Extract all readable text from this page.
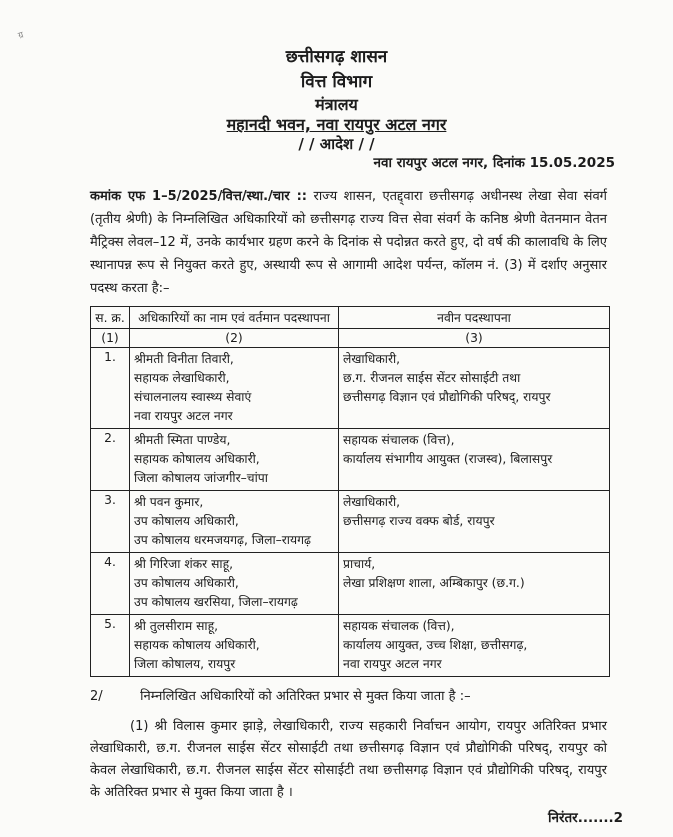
ग्र
छत्तीसगढ़ शासन
वित्त विभाग
मंत्रालय
महानदी भवन, नवा रायपुर अटल नगर
/ / आदेश / /
नवा रायपुर अटल नगर, दिनांक 15.05.2025
कमांक एफ 1–5/2025/वित्त/स्था./चार :: राज्य शासन, एतद्द्वारा छत्तीसगढ़ अधीनस्थ लेखा सेवा संवर्ग (तृतीय श्रेणी) के निम्नलिखित अधिकारियों को छत्तीसगढ़ राज्य वित्त सेवा संवर्ग के कनिष्ठ श्रेणी वेतनमान वेतन मैट्रिक्स लेवल–12 में, उनके कार्यभार ग्रहण करने के दिनांक से पदोन्नत करते हुए, दो वर्ष की कालावधि के लिए स्थानापन्न रूप से नियुक्त करते हुए, अस्थायी रूप से आगामी आदेश पर्यन्त, कॉलम नं. (3) में दर्शाए अनुसार पदस्थ करता है:–
स. क्र.	अधिकारियों का नाम एवं वर्तमान पदस्थापना	नवीन पदस्थापना
(1)	(2)	(3)
1.	श्रीमती विनीता तिवारी,
सहायक लेखाधिकारी,
संचालनालय स्वास्थ्य सेवाएं
नवा रायपुर अटल नगर	लेखाधिकारी,
छ.ग. रीजनल साईस सेंटर सोसाईटी तथा
छत्तीसगढ़ विज्ञान एवं प्रौद्योगिकी परिषद्, रायपुर

2.	श्रीमती स्मिता पाण्डेय,
सहायक कोषालय अधिकारी,
जिला कोषालय जांजगीर–चांपा	सहायक संचालक (वित्त),
कार्यालय संभागीय आयुक्त (राजस्व), बिलासपुर

3.	श्री पवन कुमार,
उप कोषालय अधिकारी,
उप कोषालय धरमजयगढ़, जिला–रायगढ़	लेखाधिकारी,
छत्तीसगढ़ राज्य वक्फ बोर्ड, रायपुर

4.	श्री गिरिजा शंकर साहू,
उप कोषालय अधिकारी,
उप कोषालय खरसिया, जिला–रायगढ़	प्राचार्य,
लेखा प्रशिक्षण शाला, अम्बिकापुर (छ.ग.)

5.	श्री तुलसीराम साहू,
सहायक कोषालय अधिकारी,
जिला कोषालय, रायपुर	सहायक संचालक (वित्त),
कार्यालय आयुक्त, उच्च शिक्षा, छत्तीसगढ़,
नवा रायपुर अटल नगर
2/	निम्नलिखित अधिकारियों को अतिरिक्त प्रभार से मुक्त किया जाता है :–
(1) श्री विलास कुमार झाड़े, लेखाधिकारी, राज्य सहकारी निर्वाचन आयोग, रायपुर अतिरिक्त प्रभार लेखाधिकारी, छ.ग. रीजनल साईस सेंटर सोसाईटी तथा छत्तीसगढ़ विज्ञान एवं प्रौद्योगिकी परिषद्, रायपुर को केवल लेखाधिकारी, छ.ग. रीजनल साईस सेंटर सोसाईटी तथा छत्तीसगढ़ विज्ञान एवं प्रौद्योगिकी परिषद्, रायपुर के अतिरिक्त प्रभार से मुक्त किया जाता है ।
निरंतर.......2
